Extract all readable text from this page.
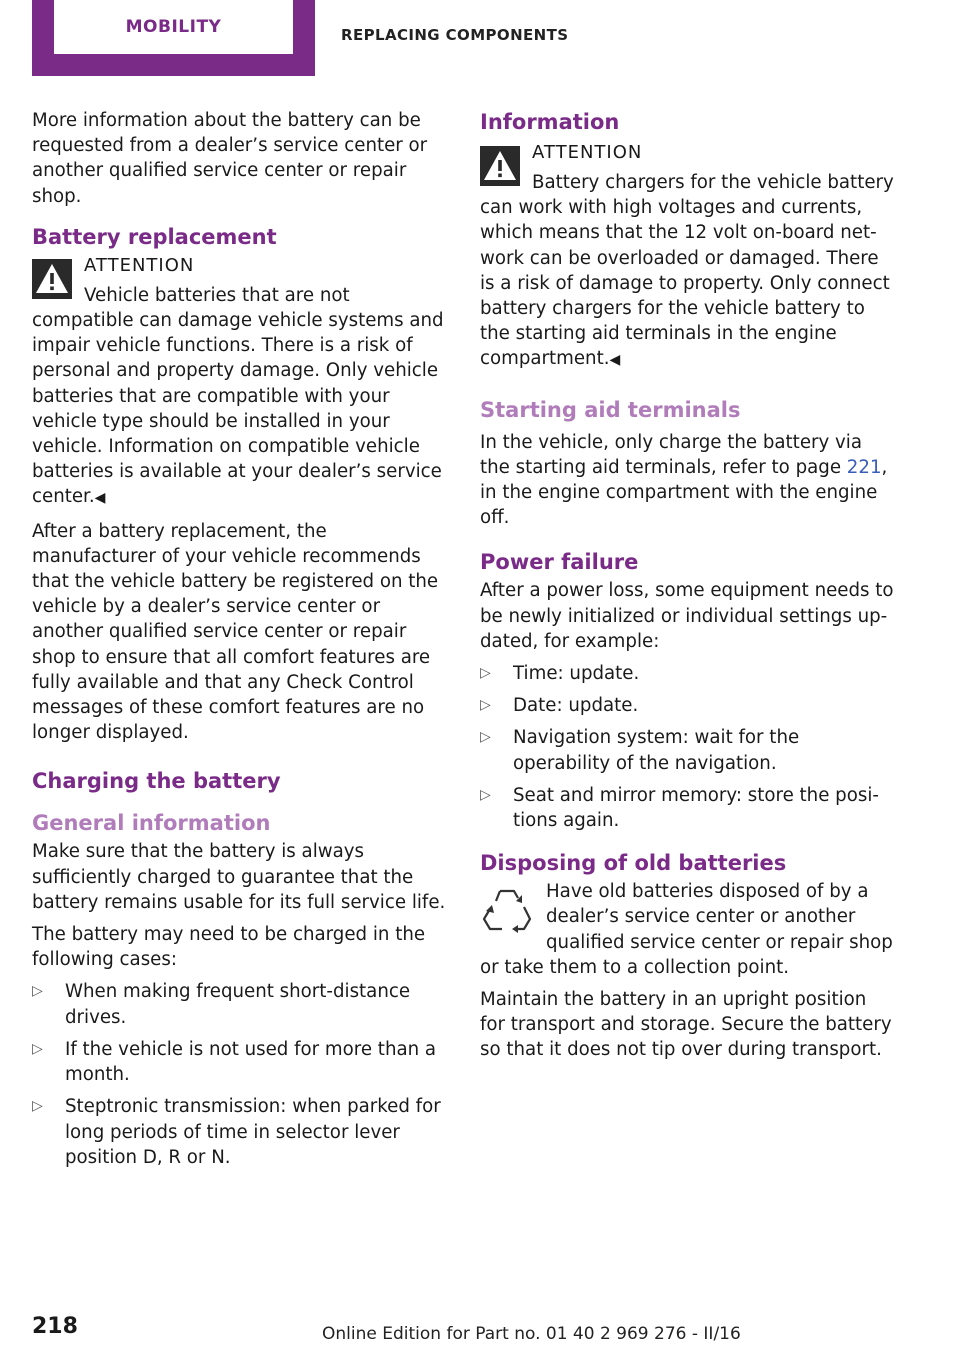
MOBILITY	REPLACING COMPONENTS

More information about the battery can be requested from a dealer’s service center or another qualified service center or repair shop.

Battery replacement
ATTENTION

Vehicle batteries that are not compatible can damage vehicle systems and impair vehicle functions. There is a risk of personal and property damage. Only vehicle batteries that are compatible with your vehicle type should be installed in your vehicle. Information on compatible vehicle batteries is available at your dealer’s service center.◀

After a battery replacement, the manufacturer of your vehicle recommends that the vehicle battery be registered on the vehicle by a dealer’s service center or another qualified service center or repair shop to ensure that all comfort features are fully available and that any Check Control messages of these comfort features are no longer displayed.

Charging the battery
General information

Make sure that the battery is always sufficiently charged to guarantee that the battery remains usable for its full service life.

The battery may need to be charged in the following cases:

▷ When making frequent short-distance drives.
▷ If the vehicle is not used for more than a month.
▷ Steptronic transmission: when parked for long periods of time in selector lever position D, R or N.
Information
ATTENTION

Battery chargers for the vehicle battery can work with high voltages and currents, which means that the 12 volt on-board network can be overloaded or damaged. There is a risk of damage to property. Only connect battery chargers for the vehicle battery to the starting aid terminals in the engine compartment.◀

Starting aid terminals

In the vehicle, only charge the battery via the starting aid terminals, refer to page 221, in the engine compartment with the engine off.

Power failure

After a power loss, some equipment needs to be newly initialized or individual settings updated, for example:

▷ Time: update.
▷ Date: update.
▷ Navigation system: wait for the operability of the navigation.
▷ Seat and mirror memory: store the positions again.
Disposing of old batteries

Have old batteries disposed of by a dealer’s service center or another qualified service center or repair shop or take them to a collection point.

Maintain the battery in an upright position for transport and storage. Secure the battery so that it does not tip over during transport.

218	Online Edition for Part no. 01 40 2 969 276 - II/16
